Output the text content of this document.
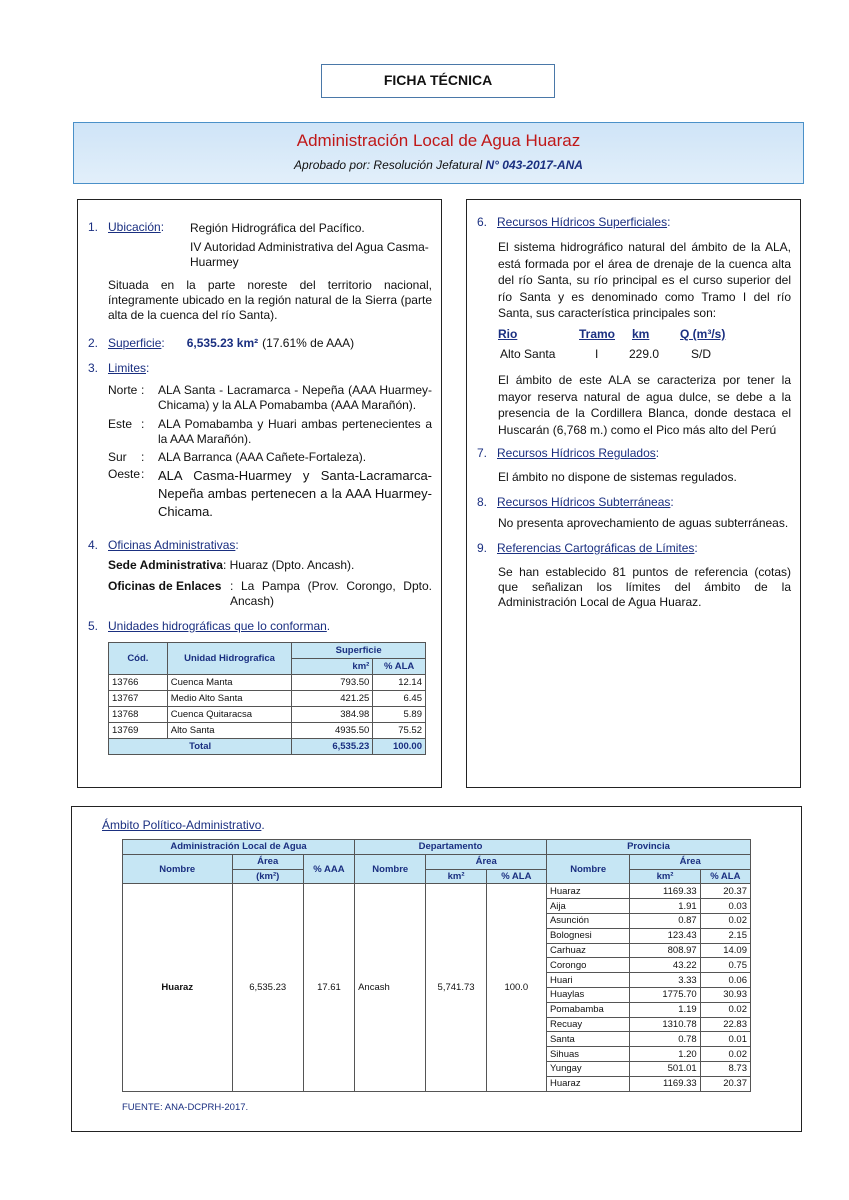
FICHA TÉCNICA
Administración Local de Agua Huaraz
Aprobado por: Resolución Jefatural N° 043-2017-ANA
1. Ubicación : Región Hidrográfica del Pacífico.
IV Autoridad Administrativa del Agua Casma-Huarmey
Situada en la parte noreste del territorio nacional, íntegramente ubicado en la región natural de la Sierra (parte alta de la cuenca del río Santa).
2. Superficie : 6,535.23 km² (17.61% de AAA)
3. Limites :
Norte : ALA Santa - Lacramarca - Nepeña (AAA Huarmey-Chicama) y la ALA Pomabamba (AAA Marañón).
Este : ALA Pomabamba y Huari ambas pertenecientes a la AAA Marañón).
Sur : ALA Barranca (AAA Cañete-Fortaleza).
Oeste : ALA Casma-Huarmey y Santa-Lacramarca-Nepeña ambas pertenecen a la AAA Huarmey-Chicama.
4. Oficinas Administrativas :
Sede Administrativa: Huaraz (Dpto. Ancash).
Oficinas de Enlaces : La Pampa (Prov. Corongo, Dpto. Ancash)
5. Unidades hidrográficas que lo conforman .
Cód.	Unidad Hidrografica	Superficie	
		km²	% ALA
13766	Cuenca Manta	793.50	12.14
13767	Medio Alto Santa	421.25	6.45
13768	Cuenca Quitaracsa	384.98	5.89
13769	Alto Santa	4935.50	75.52
Total		6,535.23	100.00
6. Recursos Hídricos Superficiales :
El sistema hidrográfico natural del ámbito de la ALA, está formada por el área de drenaje de la cuenca alta del río Santa, su río principal es el curso superior del río Santa y es denominado como Tramo I del río Santa, sus característica principales son:
Rio	Tramo km	Q (m³/s)
Alto Santa	I	229.0	S/D
El ámbito de este ALA se caracteriza por tener la mayor reserva natural de agua dulce, se debe a la presencia de la Cordillera Blanca, donde destaca el Huscarán (6,768 m.) como el Pico más alto del Perú
7. Recursos Hídricos Regulados :
El ámbito no dispone de sistemas regulados.
8. Recursos Hídricos Subterráneas :
No presenta aprovechamiento de aguas subterráneas.
9. Referencias Cartográficas de Límites :
Se han establecido 81 puntos de referencia (cotas) que señalizan los límites del ámbito de la Administración Local de Agua Huaraz.
Ámbito Político-Administrativo.
Administración Local de Agua			Departamento			Provincia		
Nombre	Área	% AAA	Nombre	Área		Nombre	Área	
	(km²)			km²	% ALA		km²	% ALA
Huaraz	6,535.23	17.61	Ancash	5,741.73	100.0	Huaraz	1169.33	20.37
						Aija	1.91	0.03
						Asunción	0.87	0.02
						Bolognesi	123.43	2.15
						Carhuaz	808.97	14.09
						Corongo	43.22	0.75
						Huari	3.33	0.06
						Huaylas	1775.70	30.93
						Pomabamba	1.19	0.02
						Recuay	1310.78	22.83
						Santa	0.78	0.01
						Sihuas	1.20	0.02
						Yungay	501.01	8.73
						Huaraz	1169.33	20.37
FUENTE: ANA-DCPRH-2017.
